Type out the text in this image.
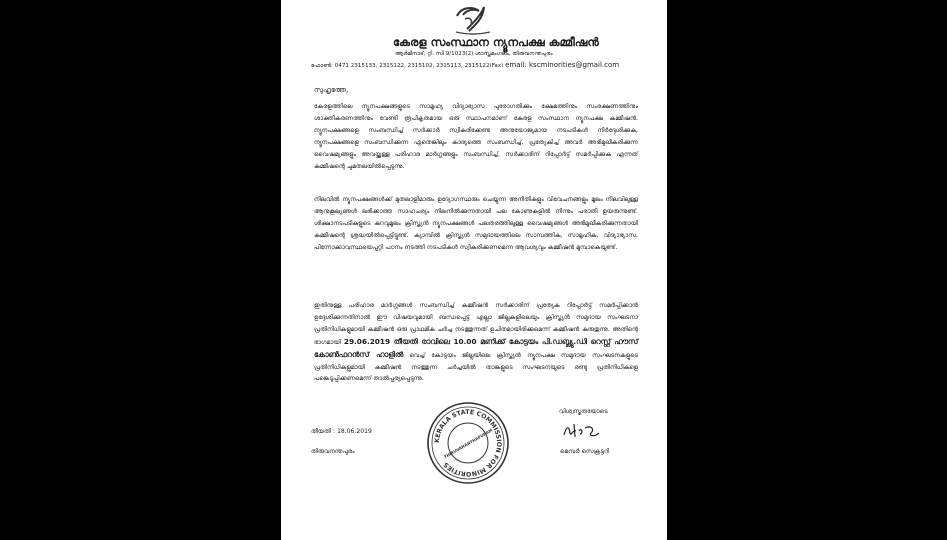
കേരള സംസ്ഥാന ന്യൂനപക്ഷ കമ്മീഷൻ
ആർമിനാട്, റ്റി. സി 9/1023(2) ശാസ്തമംഗലം, തിരുവനന്തപുരം
ഫോൺ: 0471 2315133, 2315122, 2315102, 2315113, 2315122(Fax) email: kscminorities@gmail.com
സുഹൃത്തേ,

കേരളത്തിലെ ന്യൂനപക്ഷങ്ങളുടെ സാമൂഹ്യ വിദ്യാഭ്യാസ പുരോഗതിക്കും ക്ഷേമത്തിനും സംരക്ഷണത്തിനും ശാക്തീകരണത്തിനും വേണ്ടി രൂപീകൃതമായ ഒരു സ്ഥാപനമാണ് കേരള സംസ്ഥാന ന്യൂനപക്ഷ കമ്മീഷൻ. ന്യൂനപക്ഷങ്ങളെ സംബന്ധിച്ച് സർക്കാർ സ്വീകരിക്കേണ്ട അനുയോജ്യമായ നടപടികൾ നിർദ്ദേശിക്കുക, ന്യൂനപക്ഷങ്ങളെ സംബന്ധിക്കുന്ന ഏതെങ്കിലും കാര്യത്തെ സംബന്ധിച്ച്, പ്രത്യേകിച്ച് അവർ അഭിമുഖീകരിക്കുന്ന വൈഷമ്യങ്ങളും അവയ്ക്കുള്ള പരിഹാര മാർഗ്ഗങ്ങളും സംബന്ധിച്ച്, സർക്കാരിന് റിപ്പോർട്ട് സമർപ്പിക്കുക എന്നത് കമ്മീഷന്റെ ചുമതലയിൽപ്പെടുന്നു.

നിലവിൽ ന്യൂനപക്ഷങ്ങൾക്ക് മുതലാളിമാരും ഉദ്യോഗസ്ഥരും ചെയ്യുന്ന അനീതികളും വിവേചനങ്ങളും മൂലം നിലവിലുള്ള ആനുകൂല്യങ്ങൾ ലഭിക്കാത്ത സാഹചര്യം നിലനിൽക്കുന്നതായി പല കോണുകളിൽ നിന്നും പരാതി ഉയരുന്നുണ്ട്. ശിക്ഷാനടപടികളുടെ കുറവുമൂലം ക്രിസ്ത്യൻ ന്യൂനപക്ഷങ്ങൾ പലതരത്തിലുള്ള വൈഷമ്യങ്ങൾ അഭിമുഖീകരിക്കുന്നതായി കമ്മീഷന്റെ ശ്രദ്ധയിൽപ്പെട്ടിട്ടുണ്ട്. ക്യാമ്പിൽ ക്രിസ്ത്യൻ സമുദായത്തിലെ സാമ്പത്തിക, സാമൂഹിക, വിദ്യാഭ്യാസ, പിന്നോക്കാവസ്ഥയെപ്പറ്റി പഠനം നടത്തി നടപടികൾ സ്വീകരിക്കണമെന്ന ആവശ്യവും കമ്മീഷൻ മുമ്പാകെയുണ്ട്.

ഇതിനുള്ള പരിഹാര മാർഗ്ഗങ്ങൾ സംബന്ധിച്ച് കമ്മീഷൻ സർക്കാരിന് പ്രത്യേക റിപ്പോർട്ട് സമർപ്പിക്കാൻ ഉദ്ദേശിക്കുന്നതിനാൽ ഈ വിഷയവുമായി ബന്ധപ്പെട്ട് എല്ലാ ജില്ലകളിലെയും ക്രിസ്ത്യൻ സമുദായ സംഘടനാ പ്രതിനിധികളുമായി കമ്മീഷൻ ഒരു പ്രാഥമിക ചർച്ച നടത്തുന്നത് ഉചിതമായിരിക്കുമെന്ന് കമ്മീഷൻ കരുതുന്നു. അതിന്റെ ഭാഗമായി 29.06.2019 തീയതി രാവിലെ 10.00 മണിക്ക് കോട്ടയം പി.ഡബ്ല്യു.ഡി റെസ്റ്റ് ഹൗസ് കോൺഫറൻസ് ഹാളിൽ വെച്ച് കോട്ടയം ജില്ലയിലെ ക്രിസ്ത്യൻ ന്യൂനപക്ഷ സമുദായ സംഘടനകളുടെ പ്രതിനിധികളുമായി കമ്മീഷൻ നടത്തുന്ന ചർച്ചയിൽ താങ്കളുടെ സംഘടനയുടെ രണ്ടു പ്രതിനിധികളെ പങ്കെടുപ്പിക്കണമെന്ന് താൽപ്പര്യപ്പെടുന്നു.

KERALA STATE COMMISSION FOR MINORITIES
THIRUVANANTHAPURAM
വിശ്വസ്തതയോടെ
തീയതി : 18.06.2019
തിരുവനന്തപുരം	മെമ്പർ സെക്രട്ടറി
